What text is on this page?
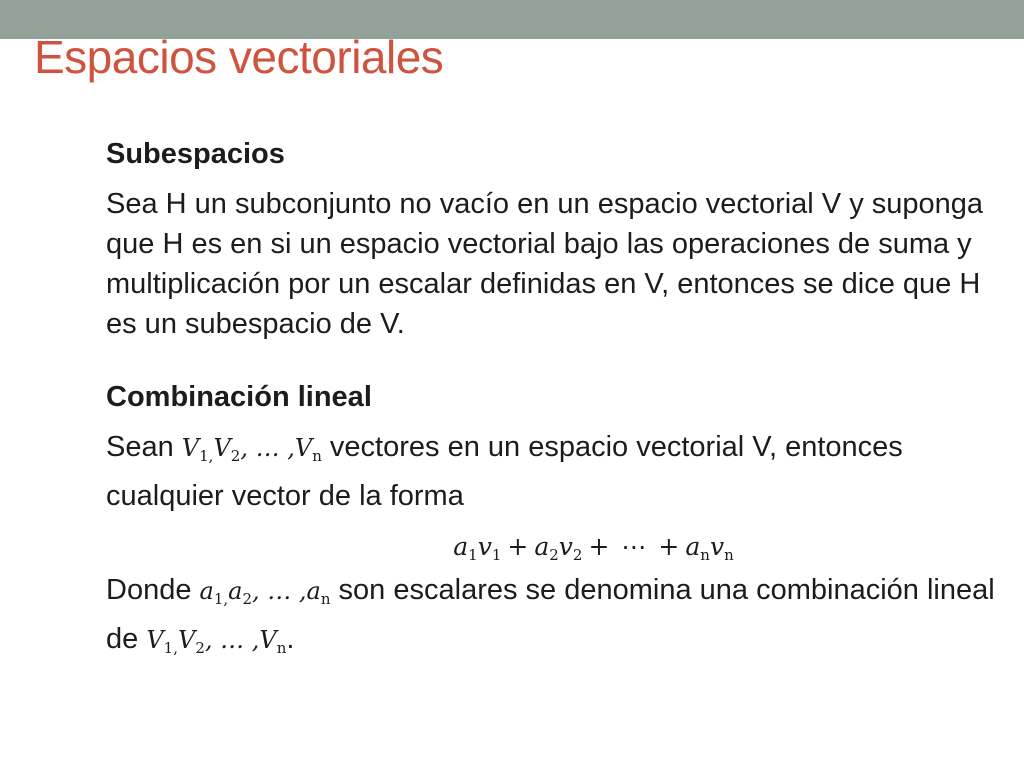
Espacios vectoriales

Subespacios

Sea H un subconjunto no vacío en un espacio vectorial V y suponga que H es en si un espacio vectorial bajo las operaciones de suma y multiplicación por un escalar definidas en V, entonces se dice que H es un subespacio de V.

Combinación lineal

Sean $V_{1,}V_2$, … $,V_n$ vectores en un espacio vectorial V, entonces cualquier vector de la forma

$a_1v_1 + a_2v_2$ + ⋯ + $a_nv_n$

Donde $a_{1,}a_2$, … $,a_n$ son escalares se denomina una combinación lineal de $V_{1,}V_2$, … $,V_n$.
